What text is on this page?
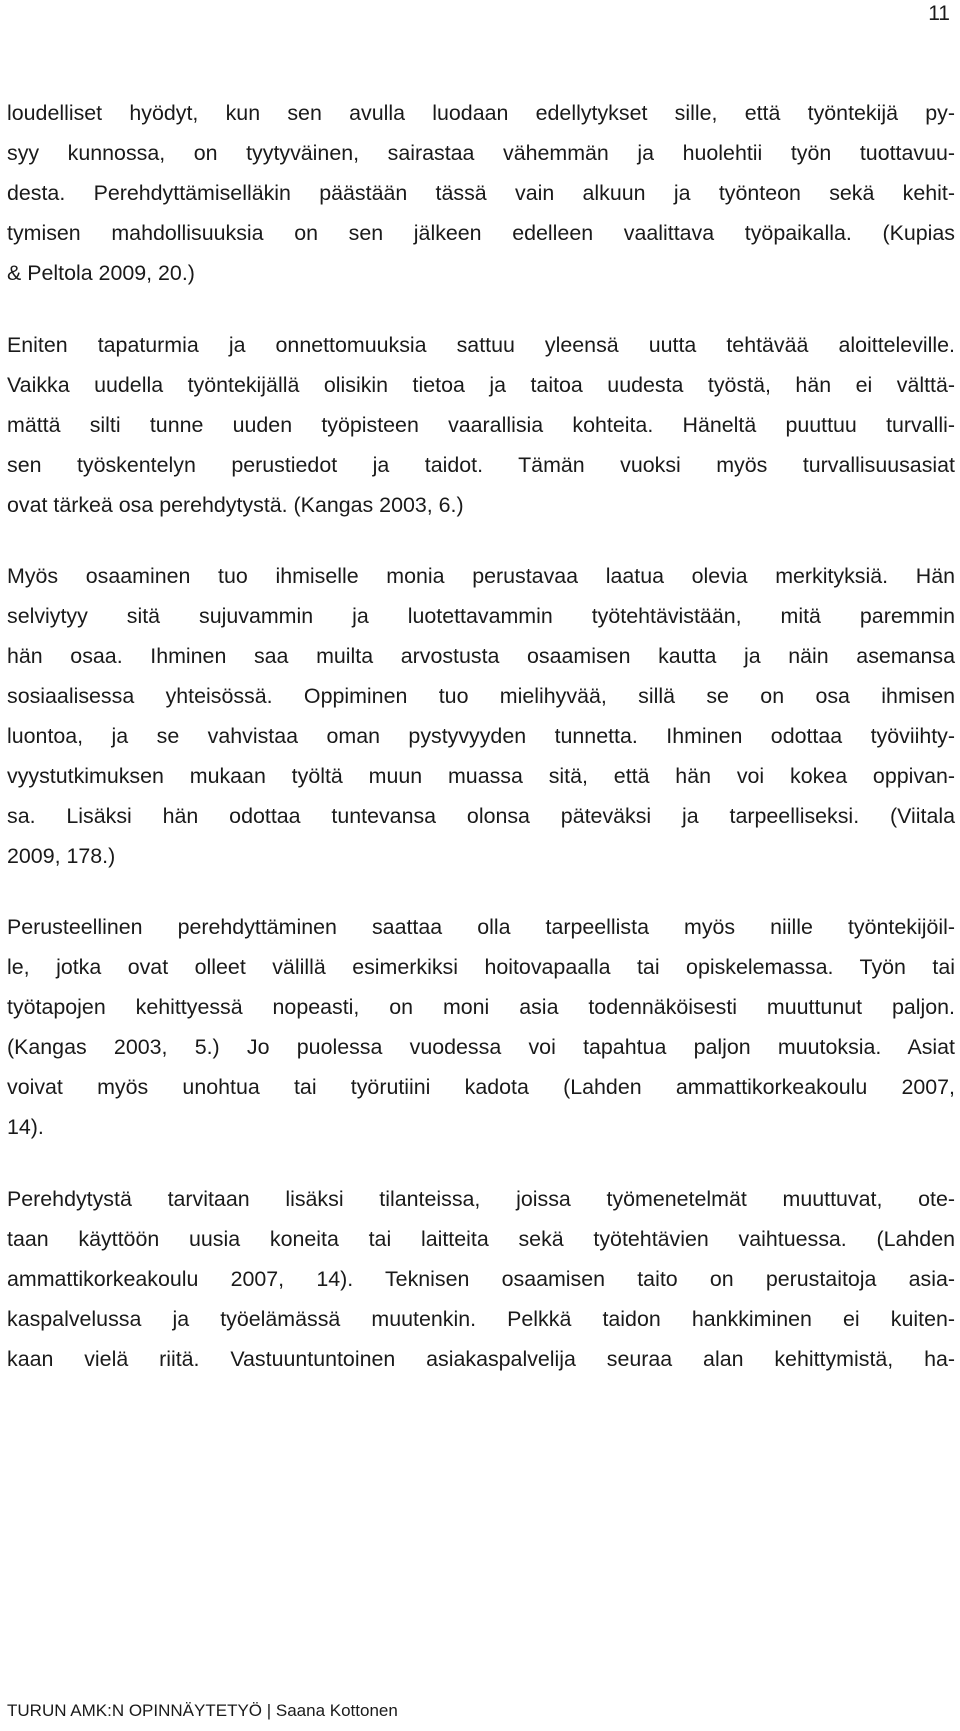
11
loudelliset hyödyt, kun sen avulla luodaan edellytykset sille, että työntekijä py-
syy kunnossa, on tyytyväinen, sairastaa vähemmän ja huolehtii työn tuottavuu-
desta. Perehdyttämiselläkin päästään tässä vain alkuun ja työnteon sekä kehit-
tymisen mahdollisuuksia on sen jälkeen edelleen vaalittava työpaikalla. (Kupias
& Peltola 2009, 20.)
Eniten tapaturmia ja onnettomuuksia sattuu yleensä uutta tehtävää aloitteleville.
Vaikka uudella työntekijällä olisikin tietoa ja taitoa uudesta työstä, hän ei välttä-
mättä silti tunne uuden työpisteen vaarallisia kohteita. Häneltä puuttuu turvalli-
sen työskentelyn perustiedot ja taidot. Tämän vuoksi myös turvallisuusasiat
ovat tärkeä osa perehdytystä. (Kangas 2003, 6.)
Myös osaaminen tuo ihmiselle monia perustavaa laatua olevia merkityksiä. Hän
selviytyy sitä sujuvammin ja luotettavammin työtehtävistään, mitä paremmin
hän osaa. Ihminen saa muilta arvostusta osaamisen kautta ja näin asemansa
sosiaalisessa yhteisössä. Oppiminen tuo mielihyvää, sillä se on osa ihmisen
luontoa, ja se vahvistaa oman pystyvyyden tunnetta. Ihminen odottaa työviihty-
vyystutkimuksen mukaan työltä muun muassa sitä, että hän voi kokea oppivan-
sa. Lisäksi hän odottaa tuntevansa olonsa päteväksi ja tarpeelliseksi. (Viitala
2009, 178.)
Perusteellinen perehdyttäminen saattaa olla tarpeellista myös niille työntekijöil-
le, jotka ovat olleet välillä esimerkiksi hoitovapaalla tai opiskelemassa. Työn tai
työtapojen kehittyessä nopeasti, on moni asia todennäköisesti muuttunut paljon.
(Kangas 2003, 5.) Jo puolessa vuodessa voi tapahtua paljon muutoksia. Asiat
voivat myös unohtua tai työrutiini kadota (Lahden ammattikorkeakoulu 2007,
14).
Perehdytystä tarvitaan lisäksi tilanteissa, joissa työmenetelmät muuttuvat, ote-
taan käyttöön uusia koneita tai laitteita sekä työtehtävien vaihtuessa. (Lahden
ammattikorkeakoulu 2007, 14). Teknisen osaamisen taito on perustaitoja asia-
kaspalvelussa ja työelämässä muutenkin. Pelkkä taidon hankkiminen ei kuiten-
kaan vielä riitä. Vastuuntuntoinen asiakaspalvelija seuraa alan kehittymistä, ha-
TURUN AMK:N OPINNÄYTETYÖ | Saana Kottonen
